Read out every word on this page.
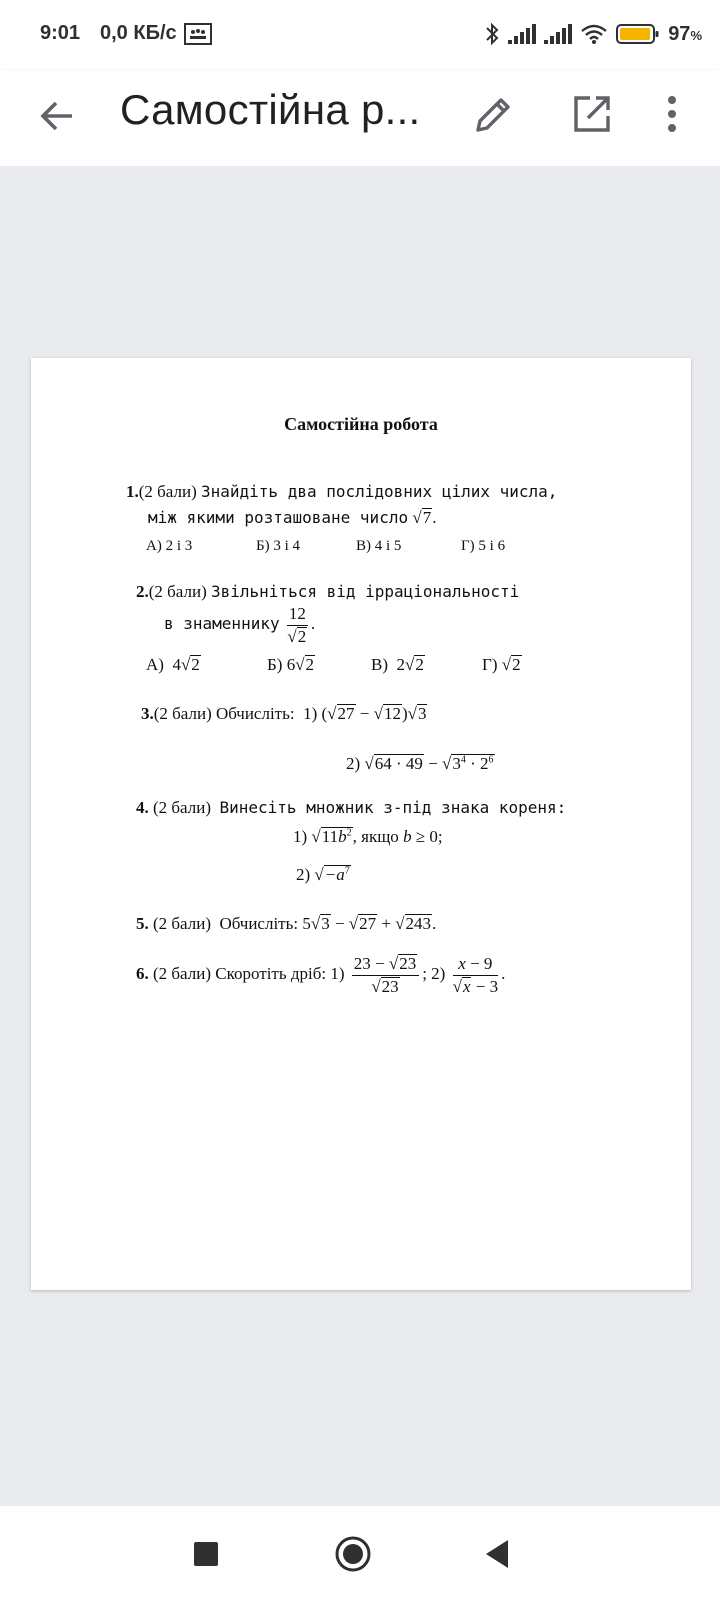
9:01 0,0 КБ/с	97%
Самостійна р...
Самостійна робота
1.(2 бали) Знайдіть два послідовних цілих числа,
між якими розташоване число √7.
А) 2 і 3	Б) 3 і 4	В) 4 і 5	Г) 5 і 6
2.(2 бали) Звільніться від ірраціональності
в знаменнику $\frac{12}{√2}$ .
А) 4√2	Б) 6√2	В) 2√2	Г) √2
3.(2 бали) Обчисліть: 1) (√27 − √12)√3
2) $√64 \cdot 49 - √3^4 \cdot 2^6$
4. (2 бали) Винесіть множник з-під знака кореня:
1) $√11b^2$, якщо b ≥ 0;
2) $√-a^7$
5. (2 бали) Обчисліть: 5√3 − √27 + √243.
6. (2 бали) Скоротіть дріб: $1) \frac{23 - √23}{√23}$ ; $2) \frac{x - 9}{√x - 3}$ .
